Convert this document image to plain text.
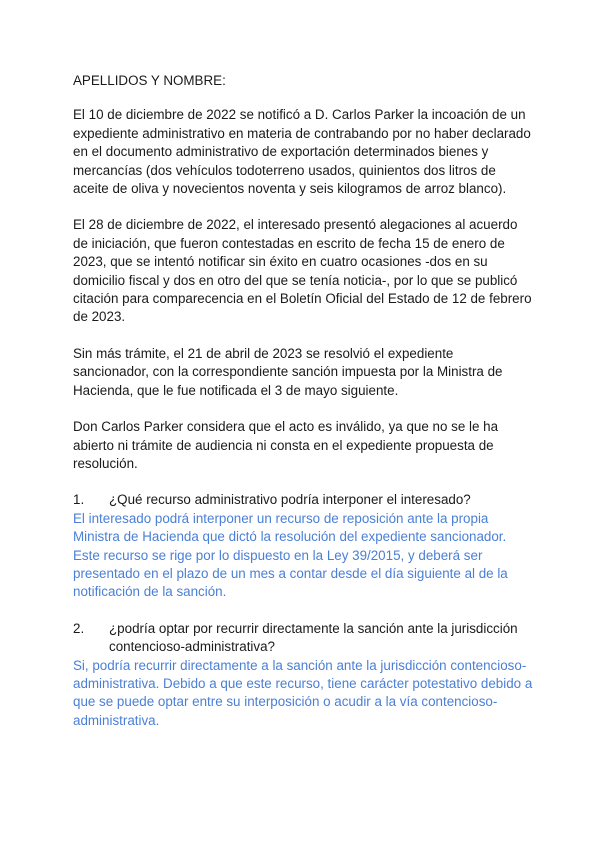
APELLIDOS Y NOMBRE:

El 10 de diciembre de 2022 se notificó a D. Carlos Parker la incoación de un expediente administrativo en materia de contrabando por no haber declarado en el documento administrativo de exportación determinados bienes y mercancías (dos vehículos todoterreno usados, quinientos dos litros de aceite de oliva y novecientos noventa y seis kilogramos de arroz blanco).

El 28 de diciembre de 2022, el interesado presentó alegaciones al acuerdo de iniciación, que fueron contestadas en escrito de fecha 15 de enero de 2023, que se intentó notificar sin éxito en cuatro ocasiones -dos en su domicilio fiscal y dos en otro del que se tenía noticia-, por lo que se publicó citación para comparecencia en el Boletín Oficial del Estado de 12 de febrero de 2023.

Sin más trámite, el 21 de abril de 2023 se resolvió el expediente sancionador, con la correspondiente sanción impuesta por la Ministra de Hacienda, que le fue notificada el 3 de mayo siguiente.

Don Carlos Parker considera que el acto es inválido, ya que no se le ha abierto ni trámite de audiencia ni consta en el expediente propuesta de resolución.

1.	¿Qué recurso administrativo podría interponer el interesado?

El interesado podrá interponer un recurso de reposición ante la propia Ministra de Hacienda que dictó la resolución del expediente sancionador. Este recurso se rige por lo dispuesto en la Ley 39/2015, y deberá ser presentado en el plazo de un mes a contar desde el día siguiente al de la notificación de la sanción.

2.	¿podría optar por recurrir directamente la sanción ante la jurisdicción contencioso-administrativa?

Si, podría recurrir directamente a la sanción ante la jurisdicción contencioso-administrativa. Debido a que este recurso, tiene carácter potestativo debido a que se puede optar entre su interposición o acudir a la vía contencioso-administrativa.
